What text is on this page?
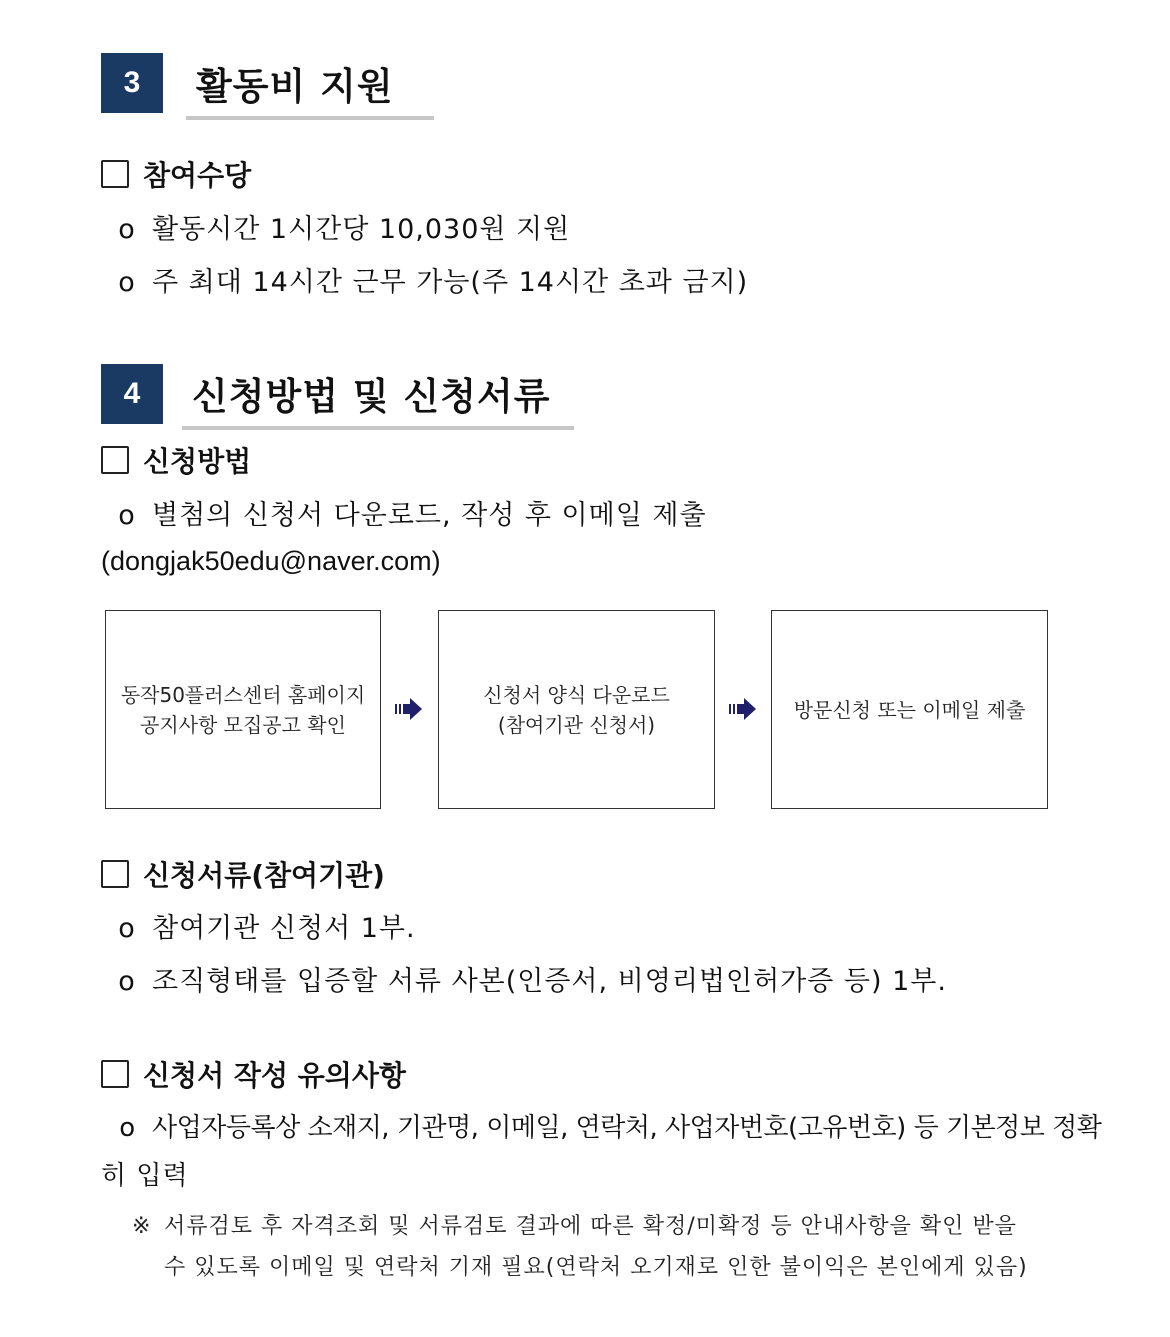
3	활동비 지원
참여수당
o 활동시간 1시간당 10,030원 지원
o 주 최대 14시간 근무 가능(주 14시간 초과 금지)
4	신청방법 및 신청서류
신청방법
o 별첨의 신청서 다운로드, 작성 후 이메일 제출
(dongjak50edu@naver.com)
동작50플러스센터 홈페이지
공지사항 모집공고 확인
신청서 양식 다운로드
(참여기관 신청서)
방문신청 또는 이메일 제출
신청서류(참여기관)
o 참여기관 신청서 1부.
o 조직형태를 입증할 서류 사본(인증서, 비영리법인허가증 등) 1부.
신청서 작성 유의사항
o 사업자등록상 소재지, 기관명, 이메일, 연락처, 사업자번호(고유번호) 등 기본정보 정확
히 입력
※ 서류검토 후 자격조회 및 서류검토 결과에 따른 확정/미확정 등 안내사항을 확인 받을
수 있도록 이메일 및 연락처 기재 필요(연락처 오기재로 인한 불이익은 본인에게 있음)
